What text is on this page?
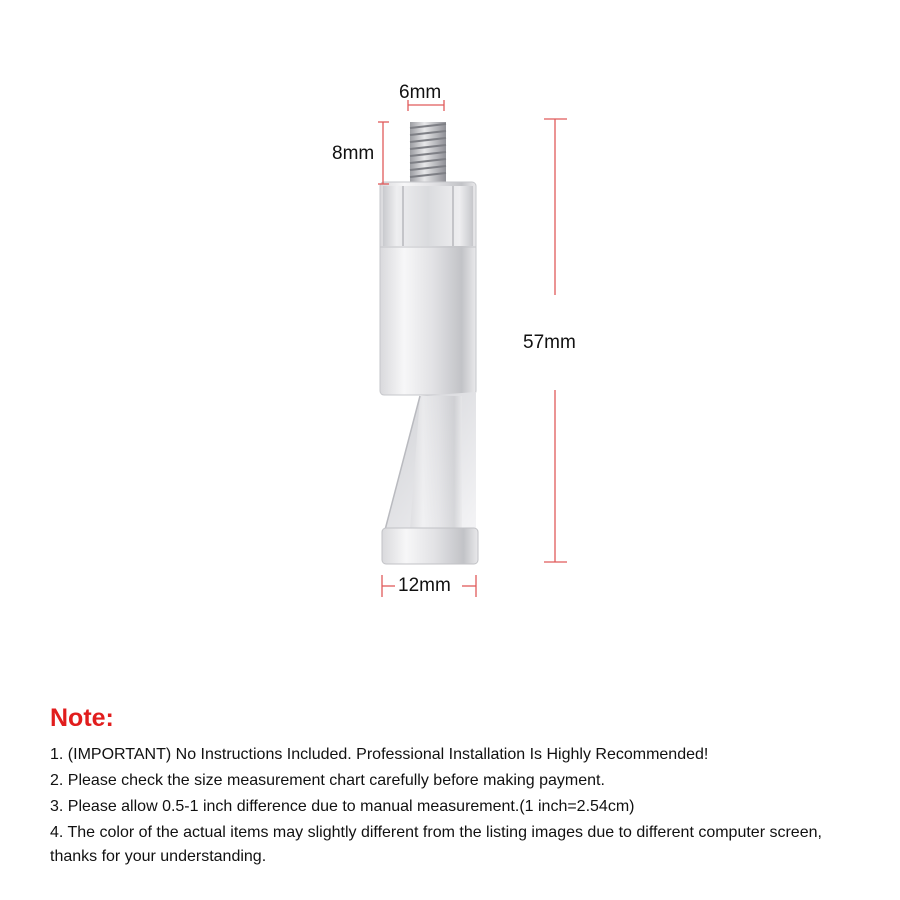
6mm
8mm
57mm
12mm
Note:
1. (IMPORTANT) No Instructions Included. Professional Installation Is Highly Recommended!
2. Please check the size measurement chart carefully before making payment.
3. Please allow 0.5-1 inch difference due to manual measurement.(1 inch=2.54cm)
4. The color of the actual items may slightly different from the listing images due to different computer screen, thanks for your understanding.
